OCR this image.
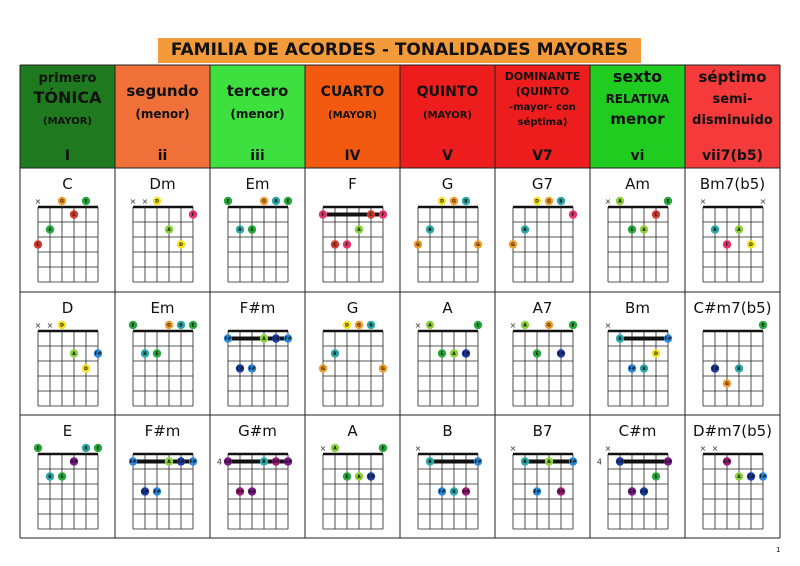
FAMILIA DE ACORDES - TONALIDADES MAYORES
primero
TÓNICA
(MAYOR)
I
segundo
(menor)
ii
tercero
(menor)
iii
CUARTO
(MAYOR)
IV
QUINTO
(MAYOR)
V
DOMINANTE
(QUINTO
-mayor- con
séptima)
V7
sexto
RELATIVA
menor
vi
séptimo
semi-
disminuido
vii7(b5)
C
×
C
E
C
G	E
Dm
× × D
A
D
F
Em
E
B E
G B E
F
F
C F
A
C F
G
G
B
D G B
G
G7
G
B
D G B
F
Am
× A
E A
C
E
Bm7(b5)
×	×
B
F
A
D
D
× × D
A
D
F#
Em
E
B E
G B E
F#m
F#
C# F#
A C# F#
G
G
B
D G B
G
A
× A
E A C#
E
A7
× A
E
G
C#
E
Bm
×
B
F# B
D
F#
C#m7(b5)
C#
G
B
E
E
E
B E
G#
B E
F#m
F#
C# F#
A C# F#
G#m
4 G#
D# G#
B D# G#
A
× A
E A C#
E
B
×
B
F# B D#
F#
B7
×
B
F#
A
D#
F#
C#m
4
×
C#
G# C#
E
G#
D#m7(b5)
× ×
D#
A C# F#
1
